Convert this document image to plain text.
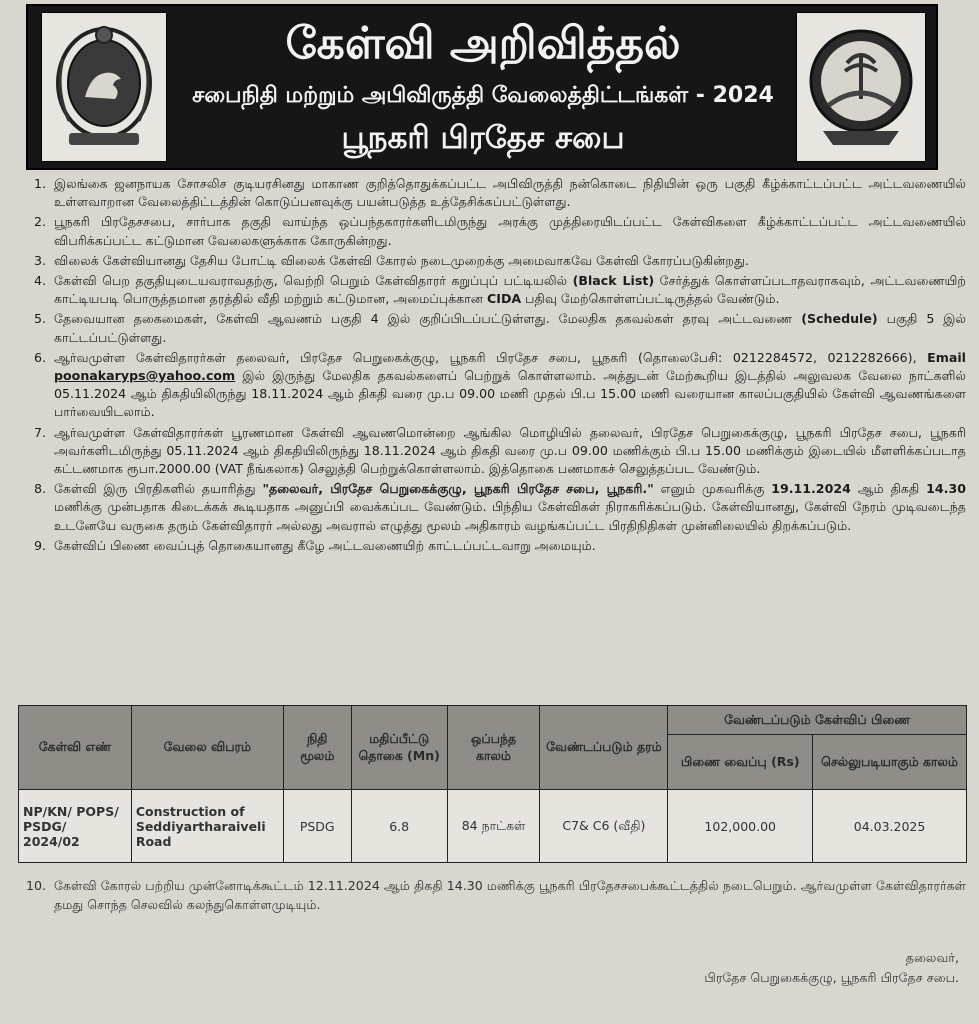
கேள்வி அறிவித்தல்
சபைநிதி மற்றும் அபிவிருத்தி வேலைத்திட்டங்கள் - 2024
பூநகரி பிரதேச சபை
1. இலங்கை ஜனநாயக சோசலிச குடியரசினது மாகாண குறித்தொதுக்கப்பட்ட அபிவிருத்தி நன்கொடை நிதியின் ஒரு பகுதி கீழ்க்காட்டப்பட்ட அட்டவணையில் உள்ளவாறான வேலைத்திட்டத்தின் கொடுப்பனவுக்கு பயன்படுத்த உத்தேசிக்கப்பட்டுள்ளது.
2. பூநகரி பிரதேசசபை, சார்பாக தகுதி வாய்ந்த ஒப்பந்தகாரர்களிடமிருந்து அரக்கு முத்திரையிடப்பட்ட கேள்விகளை கீழ்க்காட்டப்பட்ட அட்டவணையில் விபரிக்கப்பட்ட கட்டுமான வேலைகளுக்காக கோருகின்றது.
3. விலைக் கேள்வியானது தேசிய போட்டி விலைக் கேள்வி கோரல் நடைமுறைக்கு அமைவாகவே கேள்வி கோரப்படுகின்றது.
4. கேள்வி பெற தகுதியுடையவராவதற்கு, வெற்றி பெறும் கேள்விதாரர் கறுப்புப் பட்டியலில் (Black List) சேர்த்துக் கொள்ளப்படாதவராகவும், அட்டவணையிற் காட்டியபடி பொருத்தமான தரத்தில் வீதி மற்றும் கட்டுமான, அமைப்புக்கான CIDA பதிவு மேற்கொள்ளப்பட்டிருத்தல் வேண்டும்.
5. தேவையான தகைமைகள், கேள்வி ஆவணம் பகுதி 4 இல் குறிப்பிடப்பட்டுள்ளது. மேலதிக தகவல்கள் தரவு அட்டவணை (Schedule) பகுதி 5 இல் காட்டப்பட்டுள்ளது.
6. ஆர்வமுள்ள கேள்விதாரர்கள் தலைவர், பிரதேச பெறுகைக்குழு, பூநகரி பிரதேச சபை, பூநகரி (தொலைபேசி: 0212284572, 0212282666), Email poonakaryps@yahoo.com இல் இருந்து மேலதிக தகவல்களைப் பெற்றுக் கொள்ளலாம். அத்துடன் மேற்கூறிய இடத்தில் அலுவலக வேலை நாட்களில் 05.11.2024 ஆம் திகதியிலிருந்து 18.11.2024 ஆம் திகதி வரை மு.ப 09.00 மணி முதல் பி.ப 15.00 மணி வரையான காலப்பகுதியில் கேள்வி ஆவணங்களை பார்வையிடலாம்.
7. ஆர்வமுள்ள கேள்விதாரர்கள் பூரணமான கேள்வி ஆவணமொன்றை ஆங்கில மொழியில் தலைவர், பிரதேச பெறுகைக்குழு, பூநகரி பிரதேச சபை, பூநகரி அவர்களிடமிருந்து 05.11.2024 ஆம் திகதியிலிருந்து 18.11.2024 ஆம் திகதி வரை மு.ப 09.00 மணிக்கும் பி.ப 15.00 மணிக்கும் இடையில் மீளளிக்கப்படாத கட்டணமாக ரூபா.2000.00 (VAT நீங்கலாக) செலுத்தி பெற்றுக்கொள்ளலாம். இத்தொகை பணமாகச் செலுத்தப்பட வேண்டும்.
8. கேள்வி இரு பிரதிகளில் தயாரித்து "தலைவர், பிரதேச பெறுகைக்குழு, பூநகரி பிரதேச சபை, பூநகரி." எனும் முகவரிக்கு 19.11.2024 ஆம் திகதி 14.30 மணிக்கு முன்பதாக கிடைக்கக் கூடியதாக அனுப்பி வைக்கப்பட வேண்டும். பிந்திய கேள்விகள் நிராகரிக்கப்படும். கேள்வியானது, கேள்வி நேரம் முடிவடைந்த உடனேயே வருகை தரும் கேள்விதாரர் அல்லது அவரால் எழுத்து மூலம் அதிகாரம் வழங்கப்பட்ட பிரதிநிதிகள் முன்னிலையில் திறக்கப்படும்.
9. கேள்விப் பிணை வைப்புத் தொகையானது கீழே அட்டவணையிற் காட்டப்பட்டவாறு அமையும்.
கேள்வி எண்	வேலை விபரம்	நிதி மூலம்	மதிப்பீட்டு தொகை (Mn)	ஒப்பந்த காலம்	வேண்டப்படும் தரம்	வேண்டப்படும் கேள்விப் பிணை	
						பிணை வைப்பு (Rs)	செல்லுபடியாகும் காலம்
NP/KN/ POPS/ PSDG/ 2024/02	Construction of Seddiyartharaiveli Road	PSDG	6.8	84 நாட்கள்	C7& C6 (வீதி)	102,000.00	04.03.2025
10. கேள்வி கோரல் பற்றிய முன்னோடிக்கூட்டம் 12.11.2024 ஆம் திகதி 14.30 மணிக்கு பூநகரி பிரதேசசபைக்கூட்டத்தில் நடைபெறும். ஆர்வமுள்ள கேள்விதாரர்கள் தமது சொந்த செலவில் கலந்துகொள்ளமுடியும்.
தலைவர்,
பிரதேச பெறுகைக்குழு, பூநகரி பிரதேச சபை.
